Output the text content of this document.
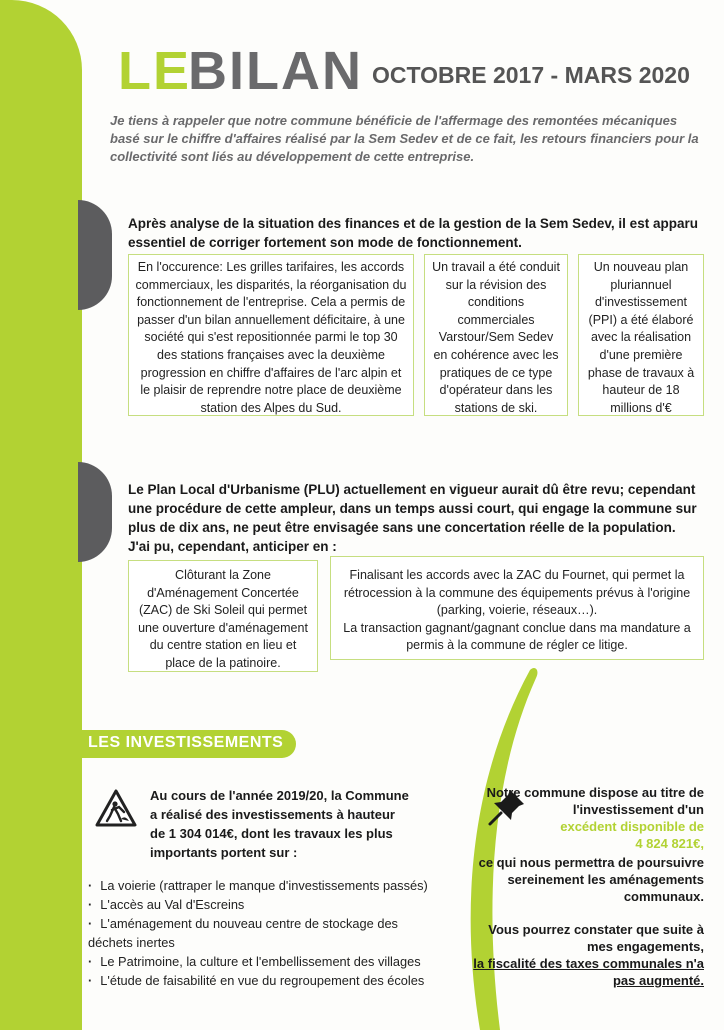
LE
BILAN OCTOBRE 2017 - MARS 2020
Je tiens à rappeler que notre commune bénéficie de l'affermage des remontées mécaniques basé sur le chiffre d'affaires réalisé par la Sem Sedev et de ce fait, les retours financiers pour la collectivité sont liés au développement de cette entreprise.
Après analyse de la situation des finances et de la gestion de la Sem Sedev, il est apparu essentiel de corriger fortement son mode de fonctionnement.
En l'occurence: Les grilles tarifaires, les accords commerciaux, les disparités, la réorganisation du fonctionnement de l'entreprise. Cela a permis de passer d'un bilan annuellement déficitaire, à une société qui s'est repositionnée parmi le top 30 des stations françaises avec la deuxième progression en chiffre d'affaires de l'arc alpin et le plaisir de reprendre notre place de deuxième station des Alpes du Sud.
Un travail a été conduit sur la révision des conditions commerciales Varstour/Sem Sedev en cohérence avec les pratiques de ce type d'opérateur dans les stations de ski.
Un nouveau plan pluriannuel d'investissement (PPI) a été élaboré avec la réalisation d'une première phase de travaux à hauteur de 18 millions d'€
Le Plan Local d'Urbanisme (PLU) actuellement en vigueur aurait dû être revu; cependant une procédure de cette ampleur, dans un temps aussi court, qui engage la commune sur plus de dix ans, ne peut être envisagée sans une concertation réelle de la population.
J'ai pu, cependant, anticiper en :
Clôturant la Zone d'Aménagement Concertée (ZAC) de Ski Soleil qui permet une ouverture d'aménagement du centre station en lieu et place de la patinoire.
Finalisant les accords avec la ZAC du Fournet, qui permet la rétrocession à la commune des équipements prévus à l'origine (parking, voierie, réseaux…).
La transaction gagnant/gagnant conclue dans ma mandature a permis à la commune de régler ce litige.
LES INVESTISSEMENTS
Au cours de l'année 2019/20, la Commune a réalisé des investissements à hauteur de 1 304 014€, dont les travaux les plus importants portent sur :
· La voierie (rattraper le manque d'investissements passés)
· L'accès au Val d'Escreins
· L'aménagement du nouveau centre de stockage des déchets inertes
· Le Patrimoine, la culture et l'embellissement des villages
· L'étude de faisabilité en vue du regroupement des écoles
Notre commune dispose au titre de l'investissement d'un
excédent disponible de 4 824 821€,
ce qui nous permettra de poursuivre sereinement les aménagements communaux.
Vous pourrez constater que suite à mes engagements,
la fiscalité des taxes communales n'a pas augmenté.
